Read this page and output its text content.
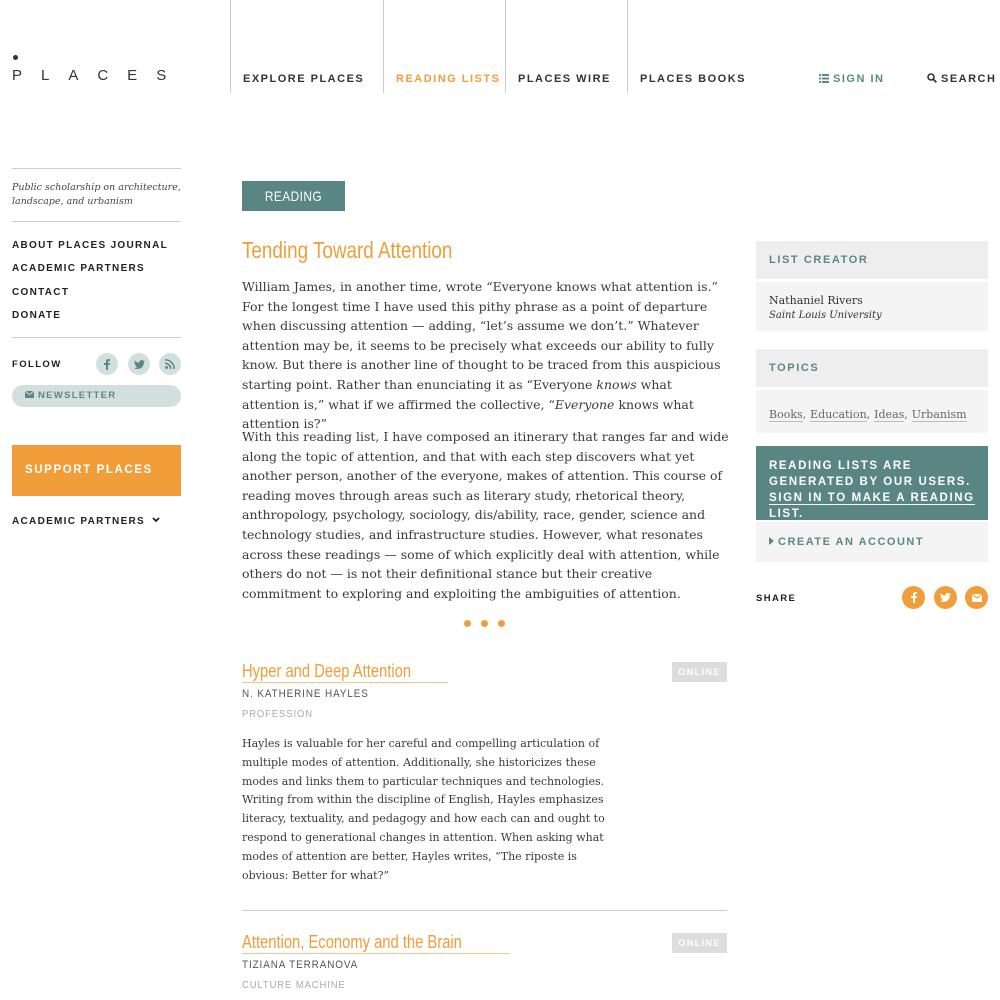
PLACES	EXPLORE PLACES	READING LISTS PLACES WIRE	PLACES BOOKS	SIGN IN	SEARCH
Public scholarship on architecture, landscape, and urbanism
ABOUT PLACES JOURNAL
ACADEMIC PARTNERS
CONTACT
DONATE
FOLLOW
NEWSLETTER
SUPPORT PLACES
ACADEMIC PARTNERS
READING LIST
Tending Toward Attention
William James, in another time, wrote “Everyone knows what attention is.” For the longest time I have used this pithy phrase as a point of departure when discussing attention — adding, “let’s assume we don’t.” Whatever attention may be, it seems to be precisely what exceeds our ability to fully know. But there is another line of thought to be traced from this auspicious starting point. Rather than enunciating it as “Everyone knows what attention is,” what if we affirmed the collective, “Everyone knows what attention is?”
With this reading list, I have composed an itinerary that ranges far and wide along the topic of attention, and that with each step discovers what yet another person, another of the everyone, makes of attention. This course of reading moves through areas such as literary study, rhetorical theory, anthropology, psychology, sociology, dis/ability, race, gender, science and technology studies, and infrastructure studies. However, what resonates across these readings — some of which explicitly deal with attention, while others do not — is not their definitional stance but their creative commitment to exploring and exploiting the ambiguities of attention.
Hyper and Deep Attention	ONLINE
N. KATHERINE HAYLES
PROFESSION
Hayles is valuable for her careful and compelling articulation of multiple modes of attention. Additionally, she historicizes these modes and links them to particular techniques and technologies. Writing from within the discipline of English, Hayles emphasizes literacy, textuality, and pedagogy and how each can and ought to respond to generational changes in attention. When asking what modes of attention are better, Hayles writes, “The riposte is obvious: Better for what?”
Attention, Economy and the Brain	ONLINE
TIZIANA TERRANOVA
CULTURE MACHINE
LIST CREATOR
Nathaniel Rivers
Saint Louis University
TOPICS
Books, Education, Ideas, Urbanism
READING LISTS ARE GENERATED BY OUR USERS. SIGN IN TO MAKE A READING LIST.
CREATE AN ACCOUNT
SHARE
